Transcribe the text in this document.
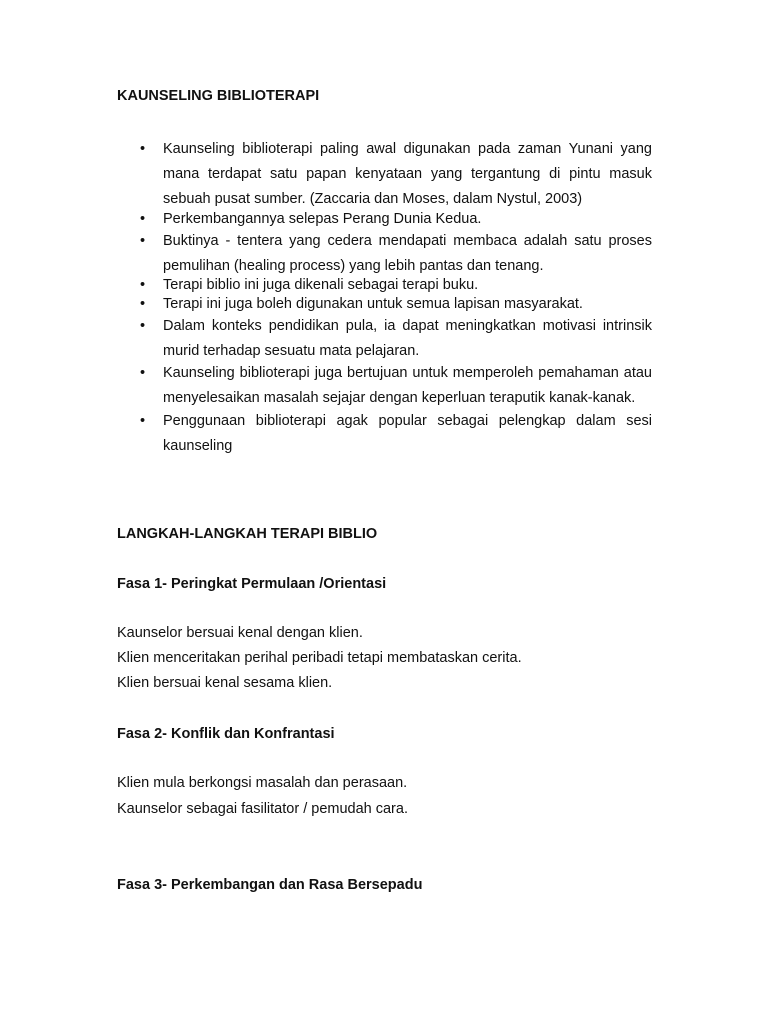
KAUNSELING BIBLIOTERAPI
• Kaunseling biblioterapi paling awal digunakan pada zaman Yunani yang mana terdapat satu papan kenyataan yang tergantung di pintu masuk sebuah pusat sumber. (Zaccaria dan Moses, dalam Nystul, 2003)
• Perkembangannya selepas Perang Dunia Kedua.
• Buktinya - tentera yang cedera mendapati membaca adalah satu proses pemulihan (healing process) yang lebih pantas dan tenang.
• Terapi biblio ini juga dikenali sebagai terapi buku.
• Terapi ini juga boleh digunakan untuk semua lapisan masyarakat.
• Dalam konteks pendidikan pula, ia dapat meningkatkan motivasi intrinsik murid terhadap sesuatu mata pelajaran.
• Kaunseling biblioterapi juga bertujuan untuk memperoleh pemahaman atau menyelesaikan masalah sejajar dengan keperluan teraputik kanak-kanak.
• Penggunaan biblioterapi agak popular sebagai pelengkap dalam sesi kaunseling
LANGKAH-LANGKAH TERAPI BIBLIO
Fasa 1- Peringkat Permulaan /Orientasi

Kaunselor bersuai kenal dengan klien.

Klien menceritakan perihal peribadi tetapi membataskan cerita.

Klien bersuai kenal sesama klien.

Fasa 2- Konflik dan Konfrantasi

Klien mula berkongsi masalah dan perasaan.

Kaunselor sebagai fasilitator / pemudah cara.

Fasa 3- Perkembangan dan Rasa Bersepadu
